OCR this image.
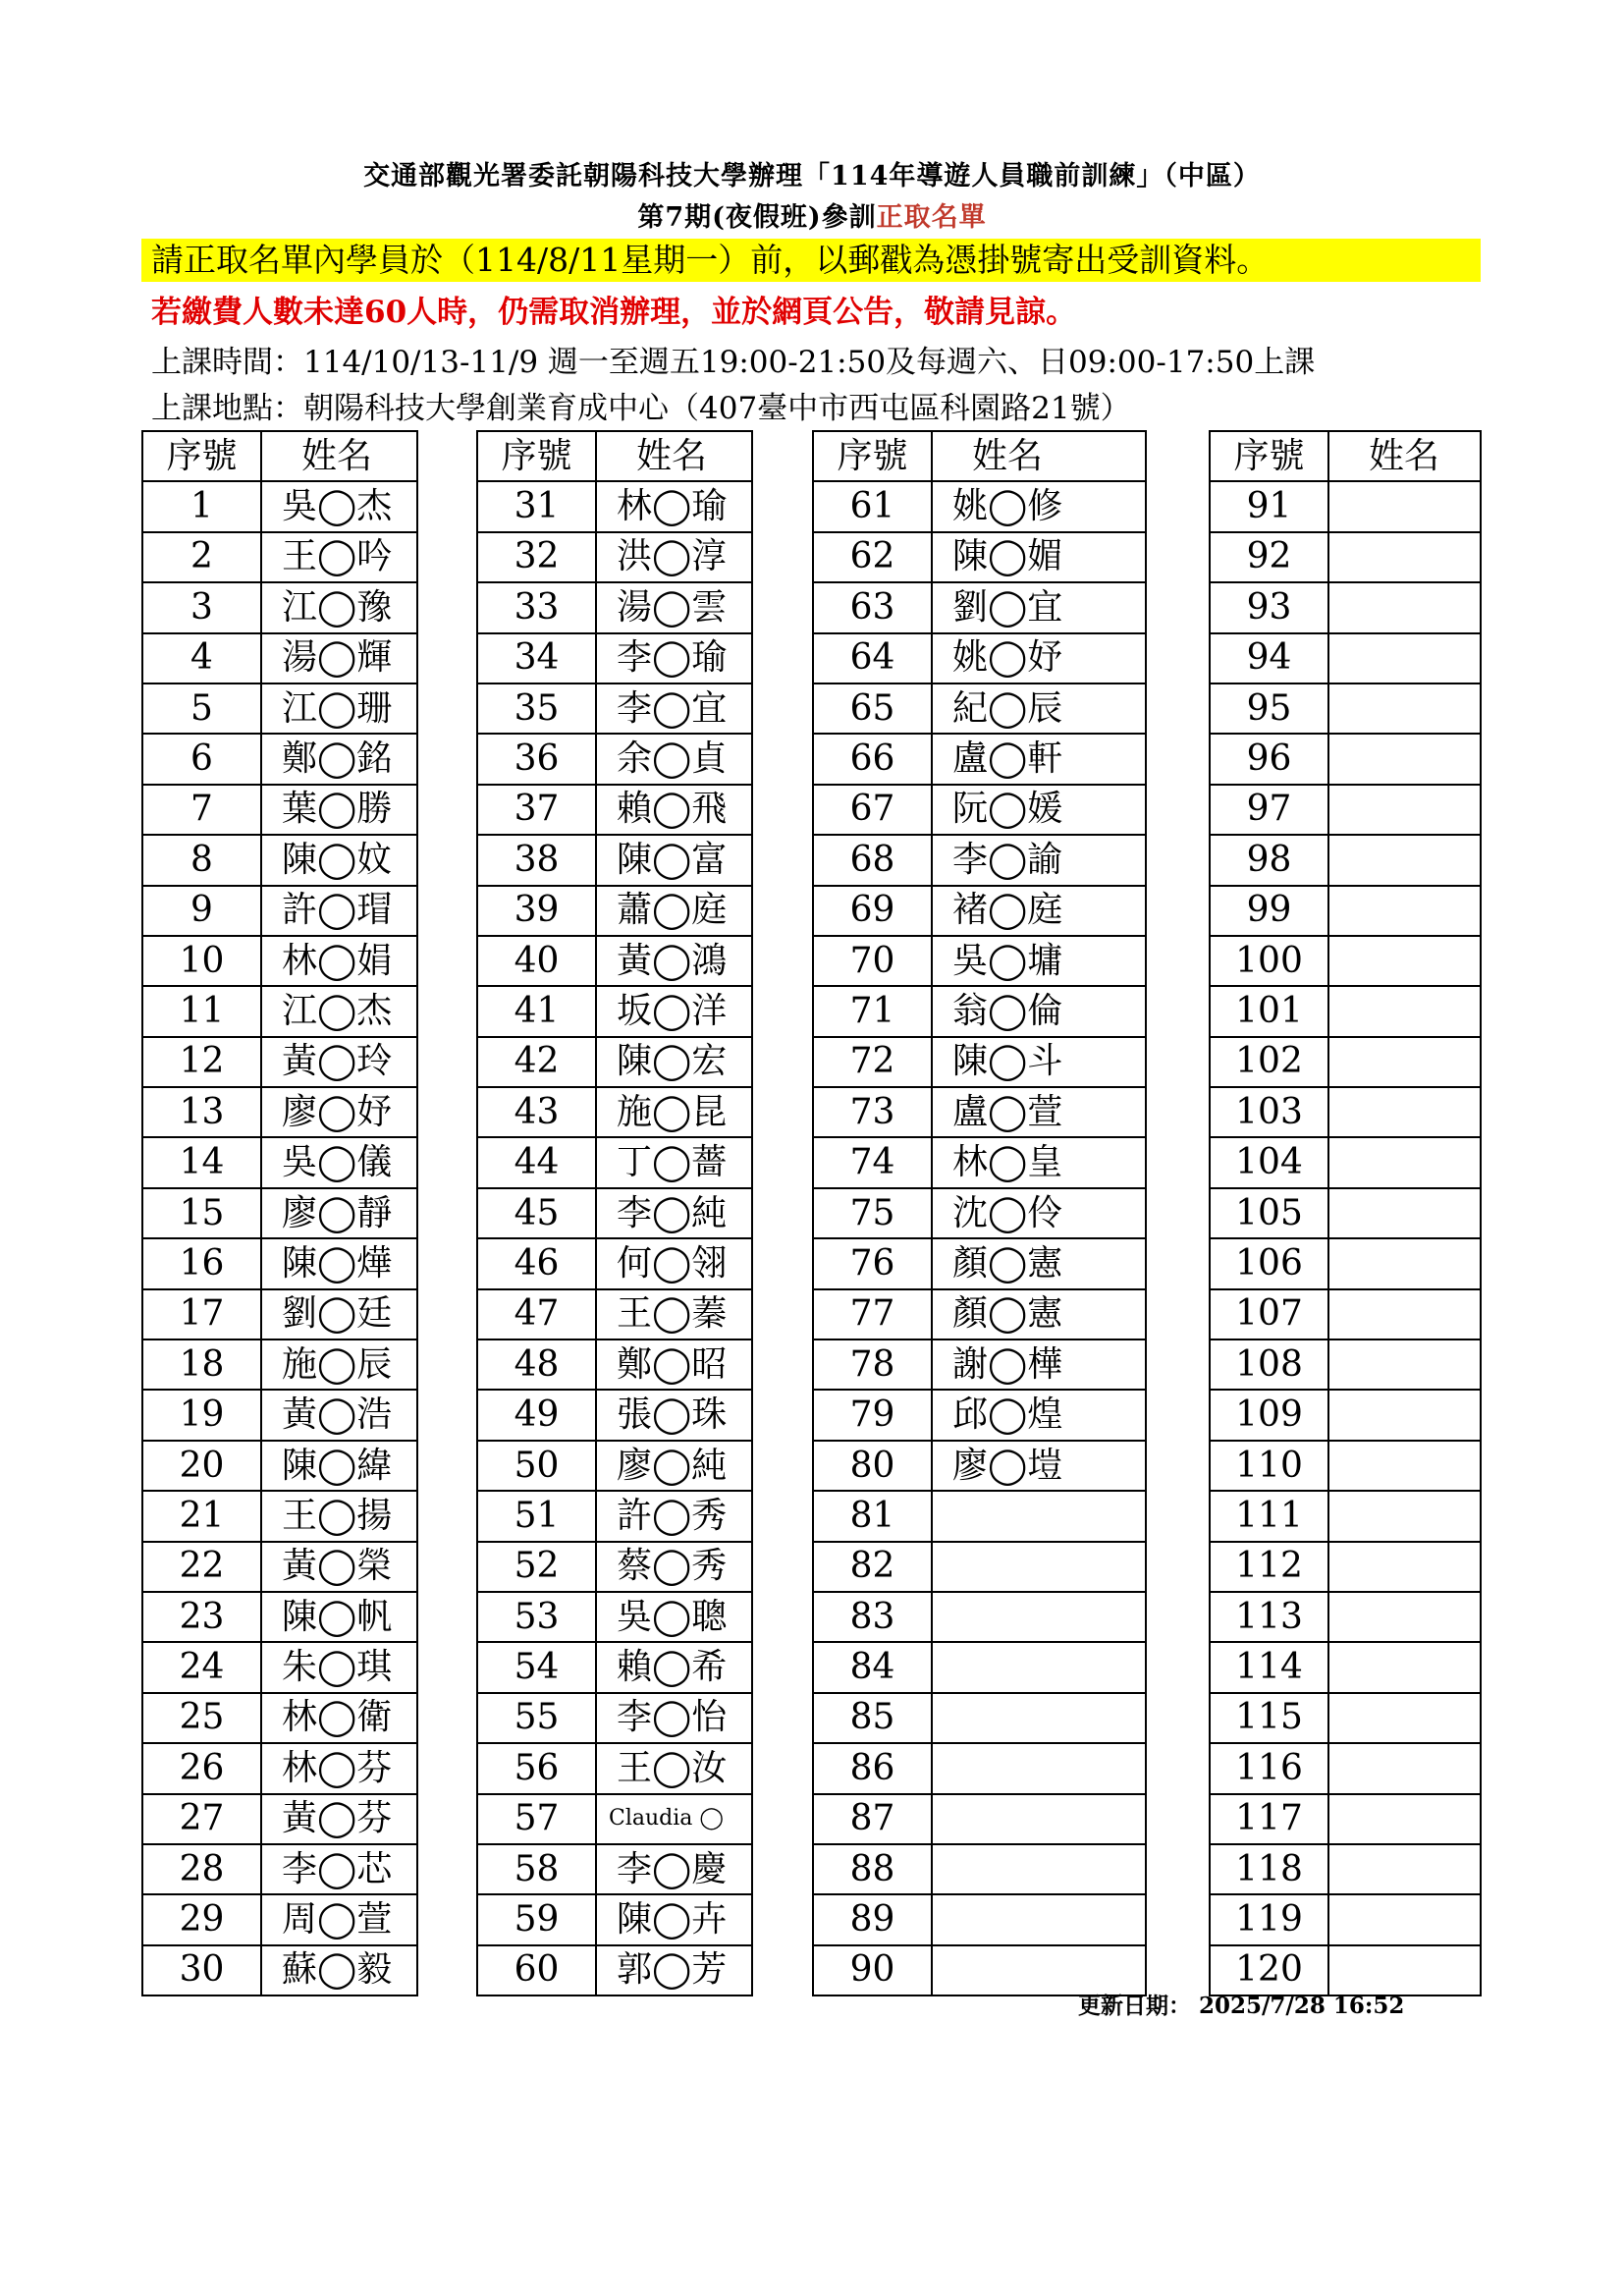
交通部觀光署委託朝陽科技大學辦理「114年導遊人員職前訓練」（中區）
第7期(夜假班)參訓正取名單
請正取名單內學員於（114/8/11星期一）前，以郵戳為憑掛號寄出受訓資料。
若繳費人數未達60人時，仍需取消辦理，並於網頁公告，敬請見諒。
上課時間：114/10/13-11/9 週一至週五19:00-21:50及每週六、日09:00-17:50上課
上課地點：朝陽科技大學創業育成中心（407臺中市西屯區科園路21號）
序號	姓名
1	吳◯杰
2	王◯吟
3	江◯豫
4	湯◯輝
5	江◯珊
6	鄭◯銘
7	葉◯勝
8	陳◯妏
9	許◯瑁
10	林◯娟
11	江◯杰
12	黃◯玲
13	廖◯妤
14	吳◯儀
15	廖◯靜
16	陳◯燁
17	劉◯廷
18	施◯辰
19	黃◯浩
20	陳◯緯
21	王◯揚
22	黃◯榮
23	陳◯帆
24	朱◯琪
25	林◯衛
26	林◯芬
27	黃◯芬
28	李◯芯
29	周◯萱
30	蘇◯毅
序號	姓名
31	林◯瑜
32	洪◯淳
33	湯◯雲
34	李◯瑜
35	李◯宜
36	余◯貞
37	賴◯飛
38	陳◯富
39	蕭◯庭
40	黃◯鴻
41	坂◯洋
42	陳◯宏
43	施◯昆
44	丁◯薔
45	李◯純
46	何◯翎
47	王◯蓁
48	鄭◯昭
49	張◯珠
50	廖◯純
51	許◯秀
52	蔡◯秀
53	吳◯聰
54	賴◯希
55	李◯怡
56	王◯汝
57	Claudia ◯
58	李◯慶
59	陳◯卉
60	郭◯芳
序號	姓名
61	姚◯修
62	陳◯媚
63	劉◯宜
64	姚◯妤
65	紀◯辰
66	盧◯軒
67	阮◯媛
68	李◯諭
69	褚◯庭
70	吳◯墉
71	翁◯倫
72	陳◯斗
73	盧◯萱
74	林◯皇
75	沈◯伶
76	顏◯憲
77	顏◯憲
78	謝◯樺
79	邱◯煌
80	廖◯塏
81	
82	
83	
84	
85	
86	
87	
88	
89	
90	
序號	姓名
91	
92	
93	
94	
95	
96	
97	
98	
99	
100	
101	
102	
103	
104	
105	
106	
107	
108	
109	
110	
111	
112	
113	
114	
115	
116	
117	
118	
119	
120	
更新日期： 2025/7/28 16:52
